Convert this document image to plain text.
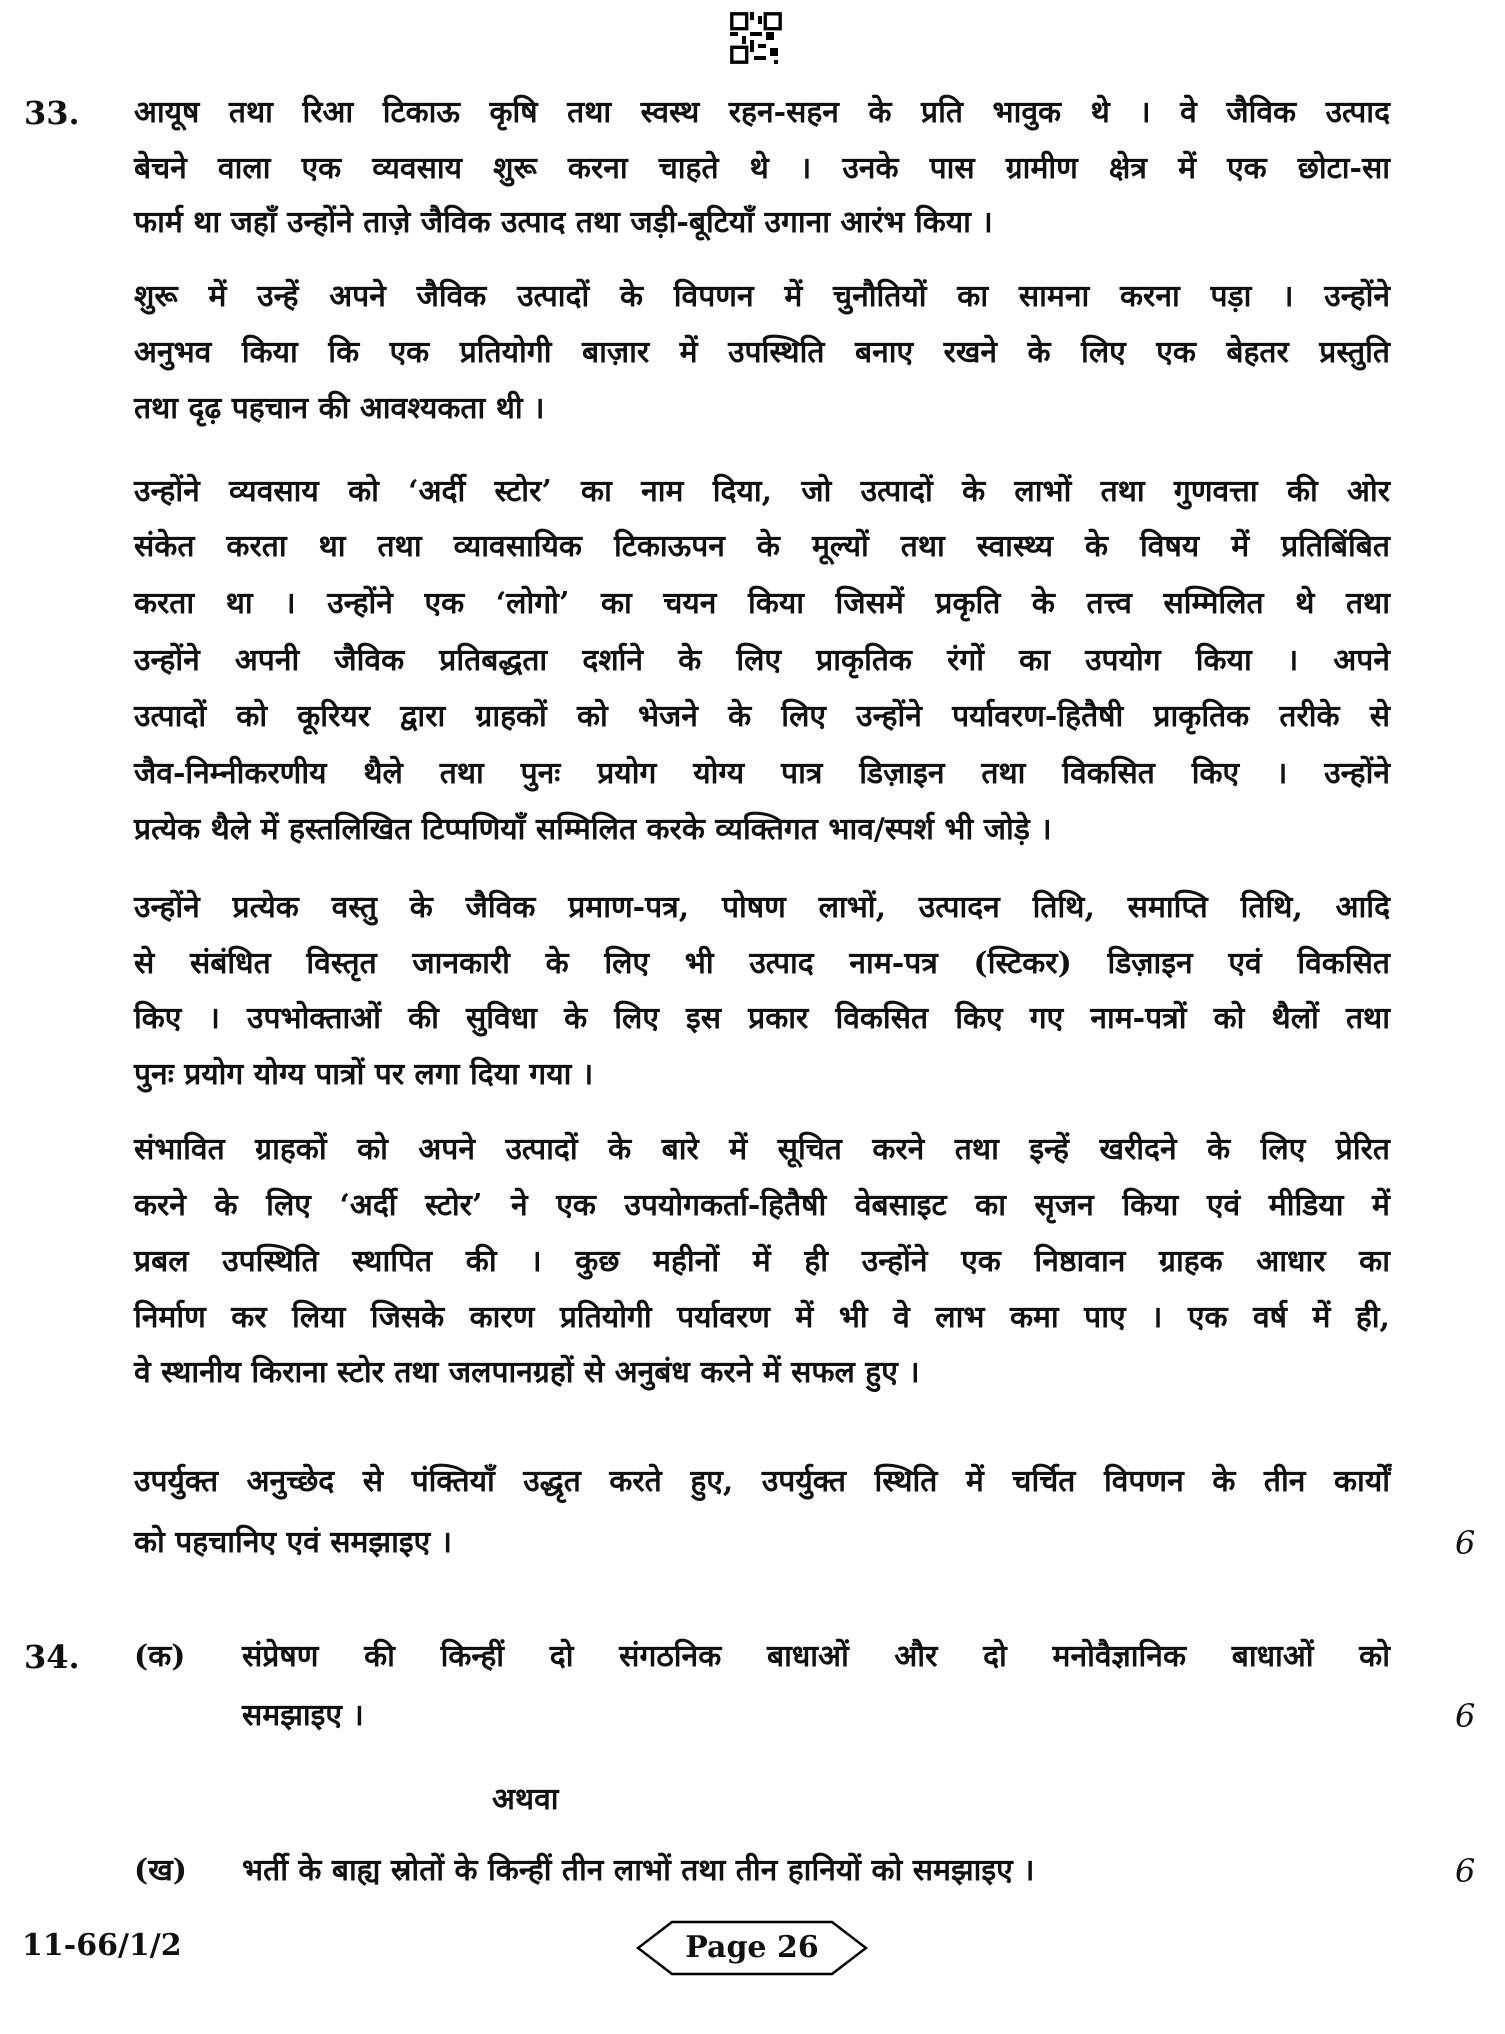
आयूष तथा रिआ टिकाऊ कृषि तथा स्वस्थ रहन-सहन के प्रति भावुक थे । वे जैविक उत्पाद
बेचने वाला एक व्यवसाय शुरू करना चाहते थे । उनके पास ग्रामीण क्षेत्र में एक छोटा-सा
फार्म था जहाँ उन्होंने ताज़े जैविक उत्पाद तथा जड़ी-बूटियाँ उगाना आरंभ किया ।
शुरू में उन्हें अपने जैविक उत्पादों के विपणन में चुनौतियों का सामना करना पड़ा । उन्होंने
अनुभव किया कि एक प्रतियोगी बाज़ार में उपस्थिति बनाए रखने के लिए एक बेहतर प्रस्तुति
तथा दृढ़ पहचान की आवश्यकता थी ।
उन्होंने व्यवसाय को ‘अर्दी स्टोर’ का नाम दिया, जो उत्पादों के लाभों तथा गुणवत्ता की ओर
संकेत करता था तथा व्यावसायिक टिकाऊपन के मूल्यों तथा स्वास्थ्य के विषय में प्रतिबिंबित
करता था । उन्होंने एक ‘लोगो’ का चयन किया जिसमें प्रकृति के तत्त्व सम्मिलित थे तथा
उन्होंने अपनी जैविक प्रतिबद्धता दर्शाने के लिए प्राकृतिक रंगों का उपयोग किया । अपने
उत्पादों को कूरियर द्वारा ग्राहकों को भेजने के लिए उन्होंने पर्यावरण-हितैषी प्राकृतिक तरीके से
जैव-निम्नीकरणीय थैले तथा पुनः प्रयोग योग्य पात्र डिज़ाइन तथा विकसित किए । उन्होंने
प्रत्येक थैले में हस्तलिखित टिप्पणियाँ सम्मिलित करके व्यक्तिगत भाव/स्पर्श भी जोड़े ।
उन्होंने प्रत्येक वस्तु के जैविक प्रमाण-पत्र, पोषण लाभों, उत्पादन तिथि, समाप्ति तिथि, आदि
से संबंधित विस्तृत जानकारी के लिए भी उत्पाद नाम-पत्र (स्टिकर) डिज़ाइन एवं विकसित
किए । उपभोक्ताओं की सुविधा के लिए इस प्रकार विकसित किए गए नाम-पत्रों को थैलों तथा
पुनः प्रयोग योग्य पात्रों पर लगा दिया गया ।
संभावित ग्राहकों को अपने उत्पादों के बारे में सूचित करने तथा इन्हें खरीदने के लिए प्रेरित
करने के लिए ‘अर्दी स्टोर’ ने एक उपयोगकर्ता-हितैषी वेबसाइट का सृजन किया एवं मीडिया में
प्रबल उपस्थिति स्थापित की । कुछ महीनों में ही उन्होंने एक निष्ठावान ग्राहक आधार का
निर्माण कर लिया जिसके कारण प्रतियोगी पर्यावरण में भी वे लाभ कमा पाए । एक वर्ष में ही,
वे स्थानीय किराना स्टोर तथा जलपानग्रहों से अनुबंध करने में सफल हुए ।
उपर्युक्त अनुच्छेद से पंक्तियाँ उद्धृत करते हुए, उपर्युक्त स्थिति में चर्चित विपणन के तीन कार्यों
को पहचानिए एवं समझाइए ।
33.
6
34. (क) संप्रेषण की किन्हीं दो संगठनिक बाधाओं और दो मनोवैज्ञानिक बाधाओं को
समझाइए ।	6
अथवा
(ख) भर्ती के बाह्य स्रोतों के किन्हीं तीन लाभों तथा तीन हानियों को समझाइए ।	6
11-66/1/2	Page 26
